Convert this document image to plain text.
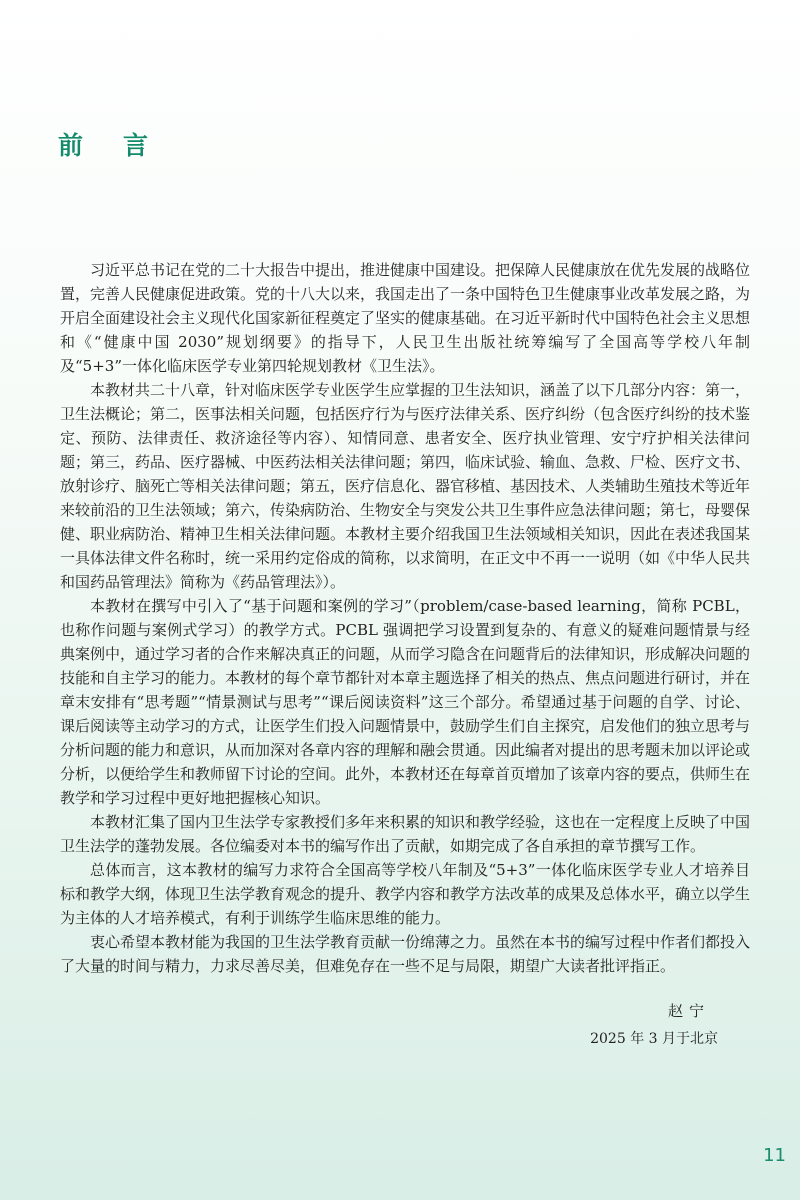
前言

习近平总书记在党的二十大报告中提出，推进健康中国建设。把保障人民健康放在优先发展的战略位置，完善人民健康促进政策。党的十八大以来，我国走出了一条中国特色卫生健康事业改革发展之路，为开启全面建设社会主义现代化国家新征程奠定了坚实的健康基础。在习近平新时代中国特色社会主义思想和《“健康中国 2030”规划纲要》的指导下，人民卫生出版社统筹编写了全国高等学校八年制及“5+3”一体化临床医学专业第四轮规划教材《卫生法》。

本教材共二十八章，针对临床医学专业医学生应掌握的卫生法知识，涵盖了以下几部分内容：第一，卫生法概论；第二，医事法相关问题，包括医疗行为与医疗法律关系、医疗纠纷（包含医疗纠纷的技术鉴定、预防、法律责任、救济途径等内容）、知情同意、患者安全、医疗执业管理、安宁疗护相关法律问题；第三，药品、医疗器械、中医药法相关法律问题；第四，临床试验、输血、急救、尸检、医疗文书、放射诊疗、脑死亡等相关法律问题；第五，医疗信息化、器官移植、基因技术、人类辅助生殖技术等近年来较前沿的卫生法领域；第六，传染病防治、生物安全与突发公共卫生事件应急法律问题；第七，母婴保健、职业病防治、精神卫生相关法律问题。本教材主要介绍我国卫生法领域相关知识，因此在表述我国某一具体法律文件名称时，统一采用约定俗成的简称，以求简明，在正文中不再一一说明（如《中华人民共和国药品管理法》简称为《药品管理法》）。

本教材在撰写中引入了“基于问题和案例的学习”（problem/case-based learning，简称 PCBL，也称作问题与案例式学习）的教学方式。PCBL 强调把学习设置到复杂的、有意义的疑难问题情景与经典案例中，通过学习者的合作来解决真正的问题，从而学习隐含在问题背后的法律知识，形成解决问题的技能和自主学习的能力。本教材的每个章节都针对本章主题选择了相关的热点、焦点问题进行研讨，并在章末安排有“思考题”“情景测试与思考”“课后阅读资料”这三个部分。希望通过基于问题的自学、讨论、课后阅读等主动学习的方式，让医学生们投入问题情景中，鼓励学生们自主探究，启发他们的独立思考与分析问题的能力和意识，从而加深对各章内容的理解和融会贯通。因此编者对提出的思考题未加以评论或分析，以便给学生和教师留下讨论的空间。此外，本教材还在每章首页增加了该章内容的要点，供师生在教学和学习过程中更好地把握核心知识。

本教材汇集了国内卫生法学专家教授们多年来积累的知识和教学经验，这也在一定程度上反映了中国卫生法学的蓬勃发展。各位编委对本书的编写作出了贡献，如期完成了各自承担的章节撰写工作。

总体而言，这本教材的编写力求符合全国高等学校八年制及“5+3”一体化临床医学专业人才培养目标和教学大纲，体现卫生法学教育观念的提升、教学内容和教学方法改革的成果及总体水平，确立以学生为主体的人才培养模式，有利于训练学生临床思维的能力。

衷心希望本教材能为我国的卫生法学教育贡献一份绵薄之力。虽然在本书的编写过程中作者们都投入了大量的时间与精力，力求尽善尽美，但难免存在一些不足与局限，期望广大读者批评指正。

赵宁
2025 年 3 月于北京
11
